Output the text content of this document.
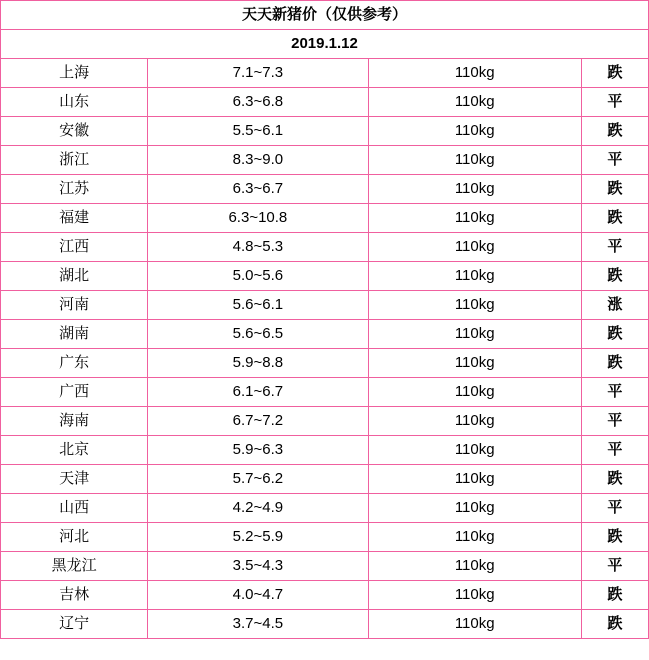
天天新猪价（仅供参考）			
2019.1.12			
上海	7.1~7.3	110kg	跌
山东	6.3~6.8	110kg	平
安徽	5.5~6.1	110kg	跌
浙江	8.3~9.0	110kg	平
江苏	6.3~6.7	110kg	跌
福建	6.3~10.8	110kg	跌
江西	4.8~5.3	110kg	平
湖北	5.0~5.6	110kg	跌
河南	5.6~6.1	110kg	涨
湖南	5.6~6.5	110kg	跌
广东	5.9~8.8	110kg	跌
广西	6.1~6.7	110kg	平
海南	6.7~7.2	110kg	平
北京	5.9~6.3	110kg	平
天津	5.7~6.2	110kg	跌
山西	4.2~4.9	110kg	平
河北	5.2~5.9	110kg	跌
黑龙江	3.5~4.3	110kg	平
吉林	4.0~4.7	110kg	跌
辽宁	3.7~4.5	110kg	跌
